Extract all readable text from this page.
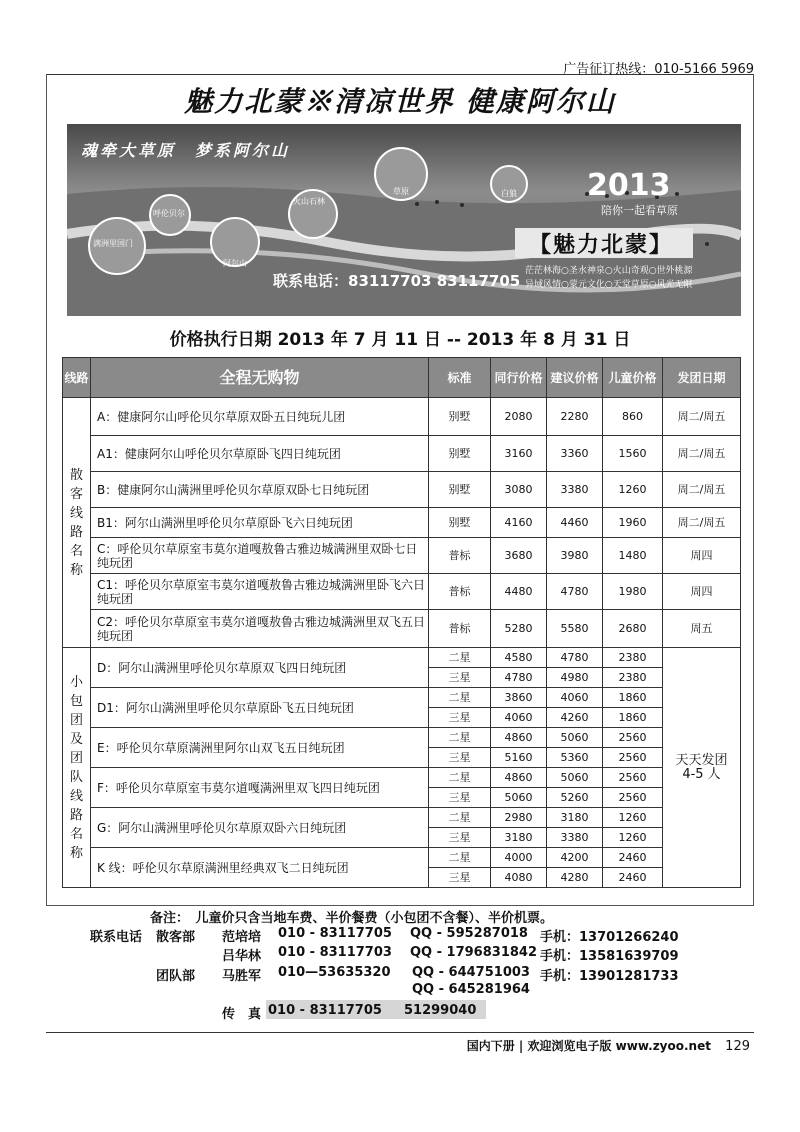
广告征订热线：010-5166 5969
魅力北蒙※清凉世界 健康阿尔山
魂牵大草原　梦系阿尔山
2013
陪你一起看草原
【魅力北蒙】
联系电话：83117703 83117705
茫茫林海○圣水神泉○火山奇观○世外桃源
异域风情○蒙元文化○天堂草原○风光无限
满洲里国门
呼伦贝尔
阿尔山
火山石林
草原	白狼
价格执行日期 2013 年 7 月 11 日 -- 2013 年 8 月 31 日
线路	全程无购物	标准	同行价格	建议价格	儿童价格	发团日期

散客线路名称	A：健康阿尔山呼伦贝尔草原双卧五日纯玩儿团	别墅	2080	2280	860	周二/周五
	A1：健康阿尔山呼伦贝尔草原卧飞四日纯玩团	别墅	3160	3360	1560	周二/周五
	B：健康阿尔山满洲里呼伦贝尔草原双卧七日纯玩团	别墅	3080	3380	1260	周二/周五
	B1：阿尔山满洲里呼伦贝尔草原卧飞六日纯玩团	别墅	4160	4460	1960	周二/周五
	C：呼伦贝尔草原室韦莫尔道嘎敖鲁古雅边城满洲里双卧七日纯玩团	普标	3680	3980	1480	周四
	C1：呼伦贝尔草原室韦莫尔道嘎敖鲁古雅边城满洲里卧飞六日纯玩团	普标	4480	4780	1980	周四
	C2：呼伦贝尔草原室韦莫尔道嘎敖鲁古雅边城满洲里双飞五日纯玩团	普标	5280	5580	2680	周五

小包团及团队线路名称	D：阿尔山满洲里呼伦贝尔草原双飞四日纯玩团	二星	4580	4780	2380	天天发团
4-5 人

		三星	4780	4980	2380	
	D1：阿尔山满洲里呼伦贝尔草原卧飞五日纯玩团	二星	3860	4060	1860	
		三星	4060	4260	1860	
	E：呼伦贝尔草原满洲里阿尔山双飞五日纯玩团	二星	4860	5060	2560	
		三星	5160	5360	2560	
	F：呼伦贝尔草原室韦莫尔道嘎满洲里双飞四日纯玩团	二星	4860	5060	2560	
		三星	5060	5260	2560	
	G：阿尔山满洲里呼伦贝尔草原双卧六日纯玩团	二星	2980	3180	1260	
		三星	3180	3380	1260	
	K 线：呼伦贝尔草原满洲里经典双飞二日纯玩团	二星	4000	4200	2460	
		三星	4080	4280	2460	
备注：　儿童价只含当地车费、半价餐费（小包团不含餐）、半价机票。
联系电话 散客部
团队部
范培培 010 - 83117705 QQ - 595287018 手机：13701266240
吕华林 010 - 83117703 QQ - 1796831842 手机：13581639709
马胜军 010—53635320 QQ - 644751003 手机：13901281733
QQ - 645281964
传　真 010 - 83117705 51299040
国内下册 | 欢迎浏览电子版 www.zyoo.net 129
